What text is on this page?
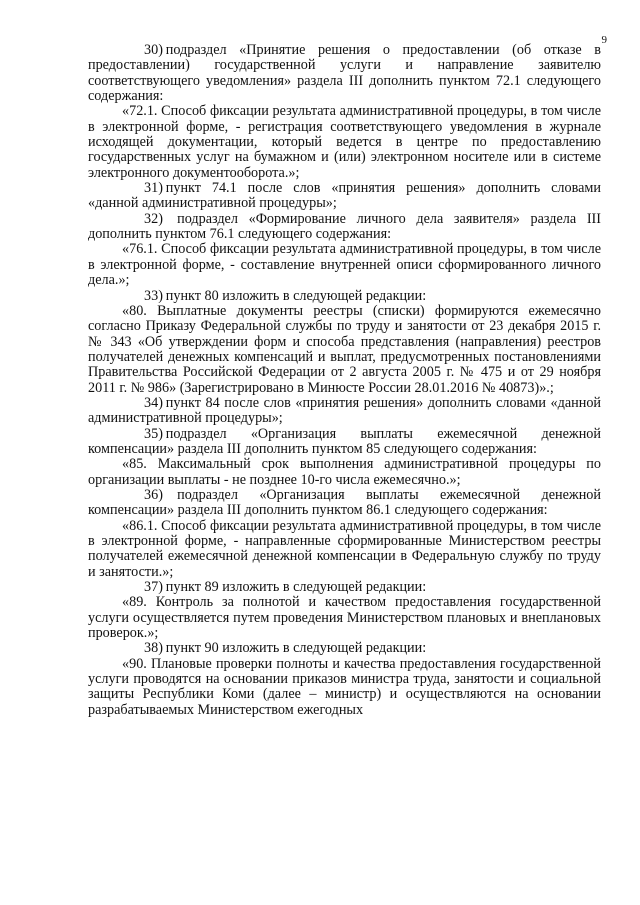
9

30) подраздел «Принятие решения о предоставлении (об отказе в предоставлении) государственной услуги и направление заявителю соответствующего уведомления» раздела III дополнить пунктом 72.1 следующего содержания:

«72.1. Способ фиксации результата административной процедуры, в том числе в электронной форме, - регистрация соответствующего уведомления в журнале исходящей документации, который ведется в центре по предоставлению государственных услуг на бумажном и (или) электронном носителе или в системе электронного документооборота.»;

31) пункт 74.1 после слов «принятия решения» дополнить словами «данной административной процедуры»;

32) подраздел «Формирование личного дела заявителя» раздела III дополнить пунктом 76.1 следующего содержания:

«76.1. Способ фиксации результата административной процедуры, в том числе в электронной форме, - составление внутренней описи сформированного личного дела.»;

33) пункт 80 изложить в следующей редакции:

«80. Выплатные документы реестры (списки) формируются ежемесячно согласно Приказу Федеральной службы по труду и занятости от 23 декабря 2015 г. № 343 «Об утверждении форм и способа представления (направления) реестров получателей денежных компенсаций и выплат, предусмотренных постановлениями Правительства Российской Федерации от 2 августа 2005 г. № 475 и от 29 ноября 2011 г. № 986» (Зарегистрировано в Минюсте России 28.01.2016 № 40873)».;

34) пункт 84 после слов «принятия решения» дополнить словами «данной административной процедуры»;

35) подраздел «Организация выплаты ежемесячной денежной компенсации» раздела III дополнить пунктом 85 следующего содержания:

«85. Максимальный срок выполнения административной процедуры по организации выплаты - не позднее 10-го числа ежемесячно.»;

36) подраздел «Организация выплаты ежемесячной денежной компенсации» раздела III дополнить пунктом 86.1 следующего содержания:

«86.1. Способ фиксации результата административной процедуры, в том числе в электронной форме, - направленные сформированные Министерством реестры получателей ежемесячной денежной компенсации в Федеральную службу по труду и занятости.»;

37) пункт 89 изложить в следующей редакции:

«89. Контроль за полнотой и качеством предоставления государственной услуги осуществляется путем проведения Министерством плановых и внеплановых проверок.»;

38) пункт 90 изложить в следующей редакции:

«90. Плановые проверки полноты и качества предоставления государственной услуги проводятся на основании приказов министра труда, занятости и социальной защиты Республики Коми (далее – министр) и осуществляются на основании разрабатываемых Министерством ежегодных
